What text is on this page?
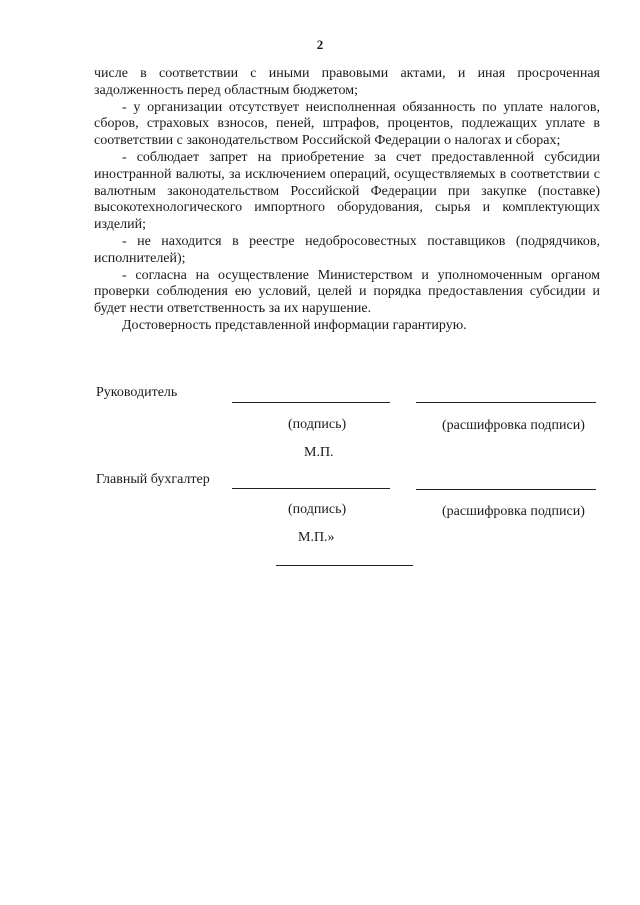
2

числе в соответствии с иными правовыми актами, и иная просроченная задолженность перед областным бюджетом;

- у организации отсутствует неисполненная обязанность по уплате налогов, сборов, страховых взносов, пеней, штрафов, процентов, подлежащих уплате в соответствии с законодательством Российской Федерации о налогах и сборах;

- соблюдает запрет на приобретение за счет предоставленной субсидии иностранной валюты, за исключением операций, осуществляемых в соответствии с валютным законодательством Российской Федерации при закупке (поставке) высокотехнологического импортного оборудования, сырья и комплектующих изделий;

- не находится в реестре недобросовестных поставщиков (подрядчиков, исполнителей);

- согласна на осуществление Министерством и уполномоченным органом проверки соблюдения ею условий, целей и порядка предоставления субсидии и будет нести ответственность за их нарушение.

Достоверность представленной информации гарантирую.

Руководитель
(подпись)	(расшифровка подписи)
М.П.
Главный бухгалтер
(подпись)	(расшифровка подписи)
М.П.»
